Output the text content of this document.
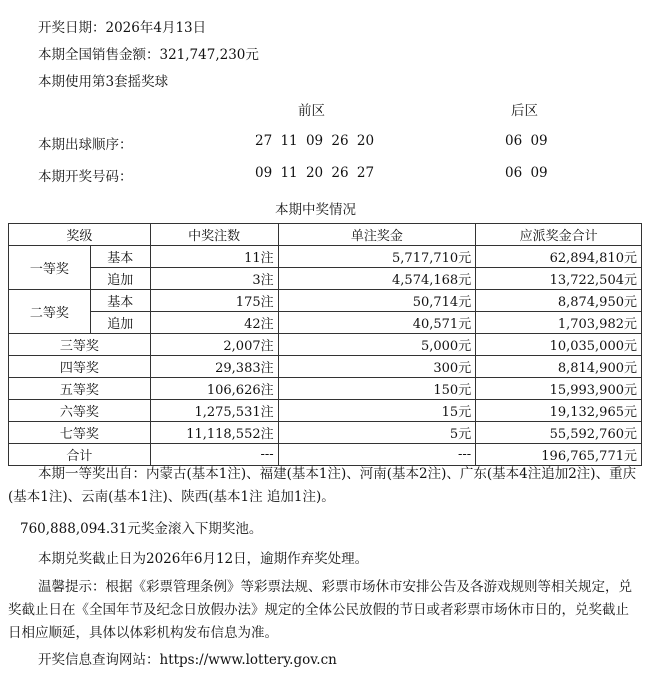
开奖日期：2026年4月13日
本期全国销售金额：321,747,230元
本期使用第3套摇奖球
前区	后区
本期出球顺序：	27 11 09 26 20	06 09
本期开奖号码：	09 11 20 26 27	06 09
本期中奖情况
奖级		中奖注数	单注奖金	应派奖金合计
一等奖	基本	11注	5,717,710元	62,894,810元
	追加	3注	4,574,168元	13,722,504元
二等奖	基本	175注	50,714元	8,874,950元
	追加	42注	40,571元	1,703,982元
三等奖		2,007注	5,000元	10,035,000元
四等奖		29,383注	300元	8,814,900元
五等奖		106,626注	150元	15,993,900元
六等奖		1,275,531注	15元	19,132,965元
七等奖		11,118,552注	5元	55,592,760元
合计		---	---	196,765,771元
本期一等奖出自：内蒙古(基本1注)、福建(基本1注)、河南(基本2注)、广东(基本4注追加2注)、重庆(基本1注)、云南(基本1注)、陕西(基本1注 追加1注)。
760,888,094.31元奖金滚入下期奖池。
本期兑奖截止日为2026年6月12日，逾期作弃奖处理。
温馨提示：根据《彩票管理条例》等彩票法规、彩票市场休市安排公告及各游戏规则等相关规定，兑奖截止日在《全国年节及纪念日放假办法》规定的全体公民放假的节日或者彩票市场休市日的，兑奖截止日相应顺延，具体以体彩机构发布信息为准。
开奖信息查询网站：https://www.lottery.gov.cn
